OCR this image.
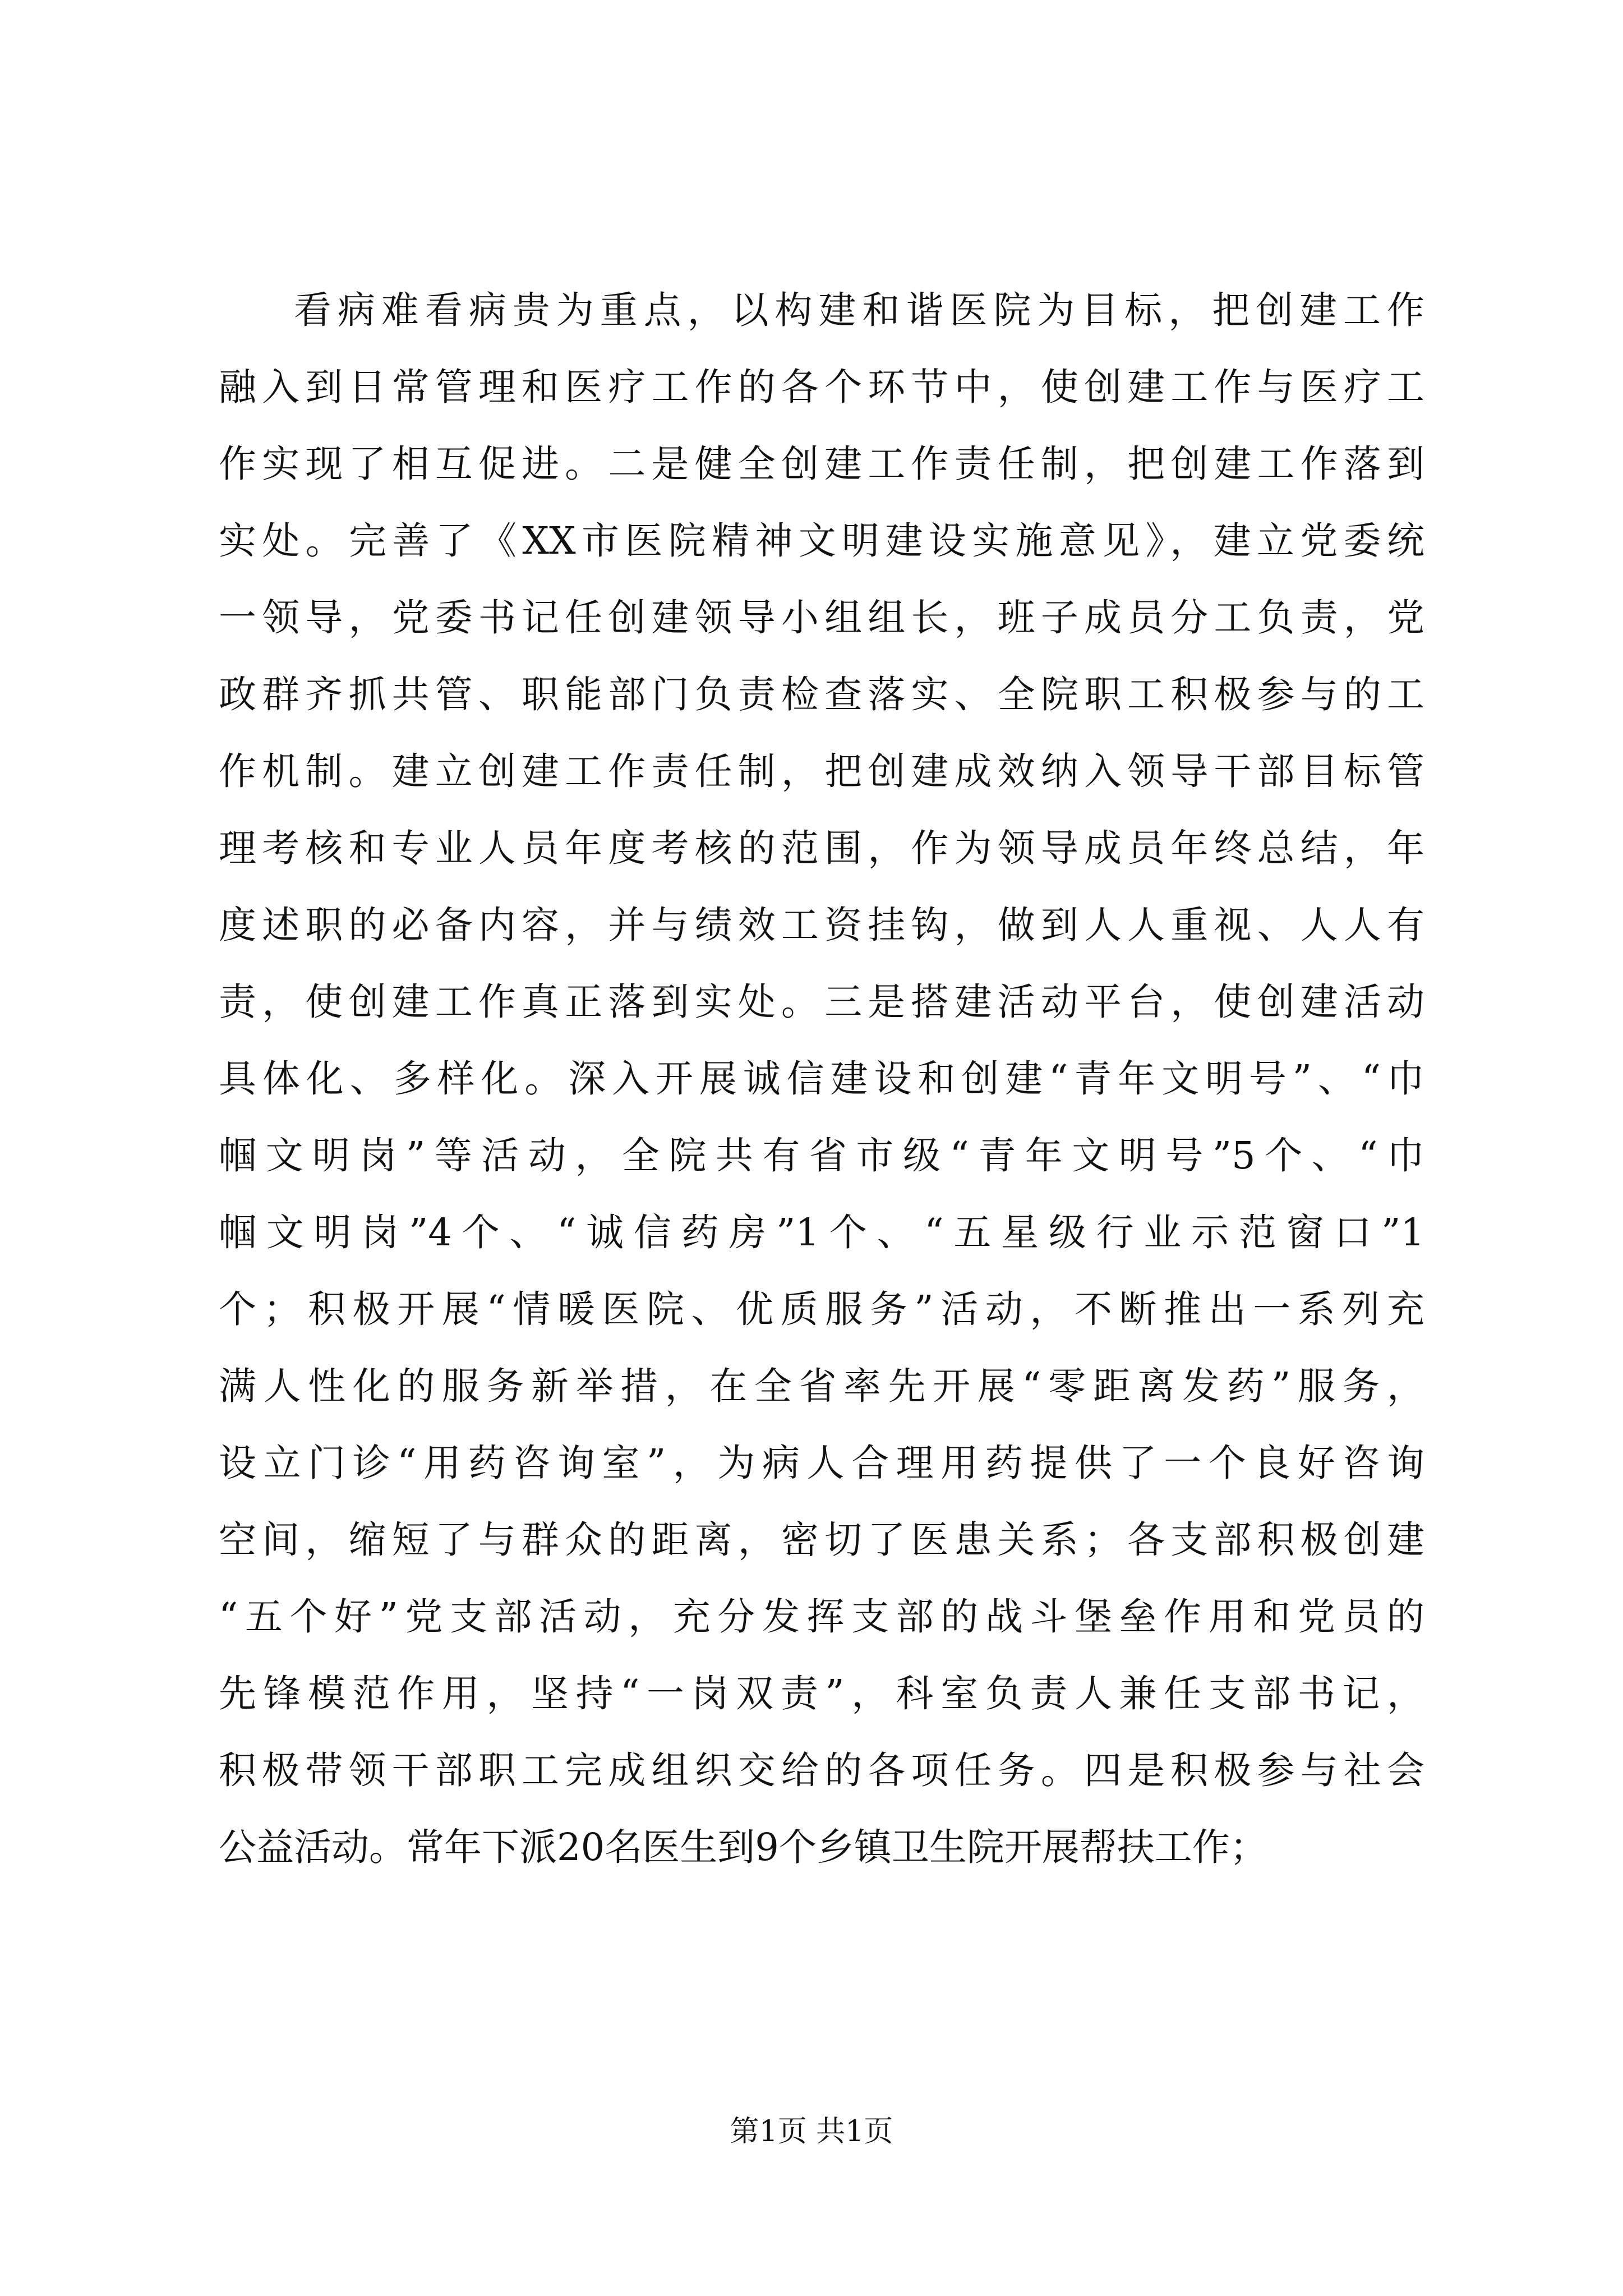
看病难看病贵为重点，以构建和谐医院为目标，把创建工作
融入到日常管理和医疗工作的各个环节中，使创建工作与医疗工
作实现了相互促进。二是健全创建工作责任制，把创建工作落到
实处。完善了《XX市医院精神文明建设实施意见》，建立党委统
一领导，党委书记任创建领导小组组长，班子成员分工负责，党
政群齐抓共管、职能部门负责检查落实、全院职工积极参与的工
作机制。建立创建工作责任制，把创建成效纳入领导干部目标管
理考核和专业人员年度考核的范围，作为领导成员年终总结，年
度述职的必备内容，并与绩效工资挂钩，做到人人重视、人人有
责，使创建工作真正落到实处。三是搭建活动平台，使创建活动
具体化、多样化。深入开展诚信建设和创建“青年文明号”、“巾
帼文明岗”等活动，全院共有省市级“青年文明号”5个、“巾
帼文明岗”4个、“诚信药房”1个、“五星级行业示范窗口”1
个；积极开展“情暖医院、优质服务”活动，不断推出一系列充
满人性化的服务新举措，在全省率先开展“零距离发药”服务，
设立门诊“用药咨询室”，为病人合理用药提供了一个良好咨询
空间，缩短了与群众的距离，密切了医患关系；各支部积极创建
“五个好”党支部活动，充分发挥支部的战斗堡垒作用和党员的
先锋模范作用，坚持“一岗双责”，科室负责人兼任支部书记，
积极带领干部职工完成组织交给的各项任务。四是积极参与社会
公益活动。常年下派20名医生到9个乡镇卫生院开展帮扶工作；
第1页 共1页
